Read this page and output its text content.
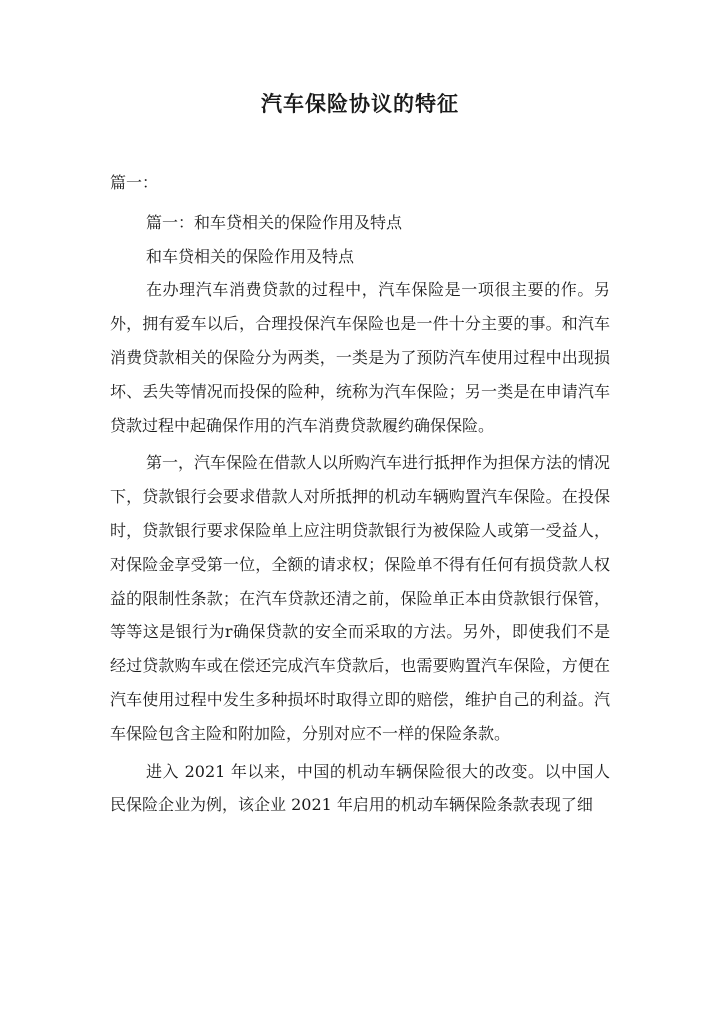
汽车保险协议的特征

篇一：

篇一：和车贷相关的保险作用及特点

和车贷相关的保险作用及特点

在办理汽车消费贷款的过程中，汽车保险是一项很主要的作。另外，拥有爱车以后，合理投保汽车保险也是一件十分主要的事。和汽车消费贷款相关的保险分为两类，一类是为了预防汽车使用过程中出现损坏、丢失等情况而投保的险种，统称为汽车保险；另一类是在申请汽车贷款过程中起确保作用的汽车消费贷款履约确保保险。

第一，汽车保险在借款人以所购汽车进行抵押作为担保方法的情况下，贷款银行会要求借款人对所抵押的机动车辆购置汽车保险。在投保时，贷款银行要求保险单上应注明贷款银行为被保险人或第一受益人，对保险金享受第一位，全额的请求权；保险单不得有任何有损贷款人权益的限制性条款；在汽车贷款还清之前，保险单正本由贷款银行保管，等等这是银行为r确保贷款的安全而采取的方法。另外，即使我们不是经过贷款购车或在偿还完成汽车贷款后，也需要购置汽车保险，方便在汽车使用过程中发生多种损坏时取得立即的赔偿，维护自己的利益。汽车保险包含主险和附加险，分别对应不一样的保险条款。

进入 2021 年以来，中国的机动车辆保险很大的改变。以中国人民保险企业为例，该企业 2021 年启用的机动车辆保险条款表现了细
